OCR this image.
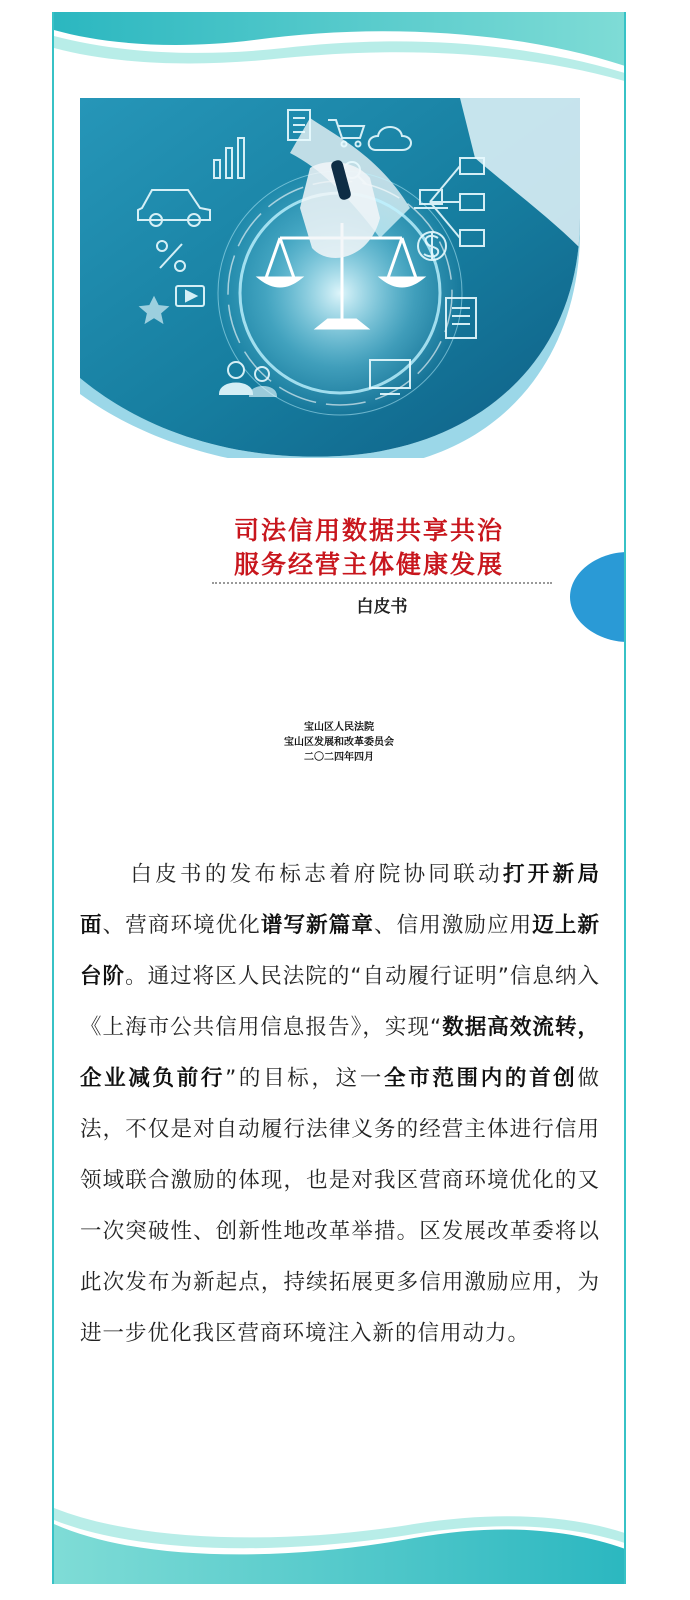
司法信用数据共享共治
服务经营主体健康发展
白皮书
宝山区人民法院
宝山区发展和改革委员会
二〇二四年四月
白皮书的发布标志着府院协同联动打开新局面、营商环境优化谱写新篇章、信用激励应用迈上新台阶。通过将区人民法院的“自动履行证明”信息纳入《上海市公共信用信息报告》，实现“数据高效流转，企业减负前行”的目标，这一全市范围内的首创做法，不仅是对自动履行法律义务的经营主体进行信用领域联合激励的体现，也是对我区营商环境优化的又一次突破性、创新性地改革举措。区发展改革委将以此次发布为新起点，持续拓展更多信用激励应用，为进一步优化我区营商环境注入新的信用动力。
